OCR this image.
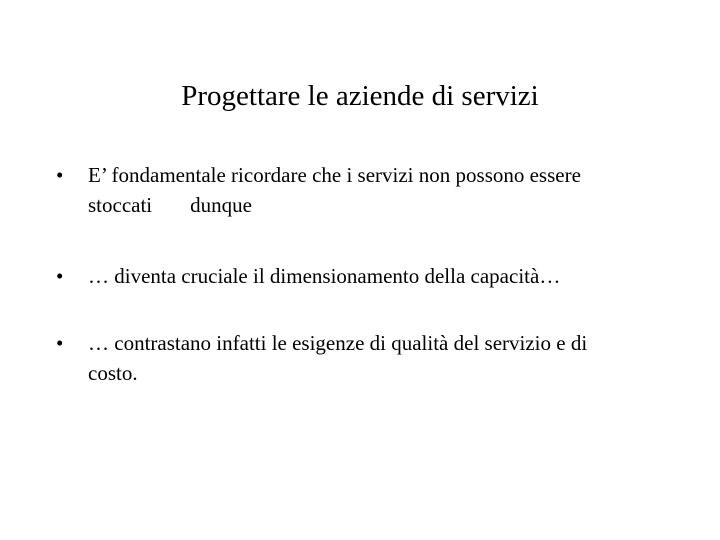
Progettare le aziende di servizi
•	E’ fondamentale ricordare che i servizi non possono essere
stoccati dunque
•	… diventa cruciale il dimensionamento della capacità…
•	… contrastano infatti le esigenze di qualità del servizio e di
costo.
